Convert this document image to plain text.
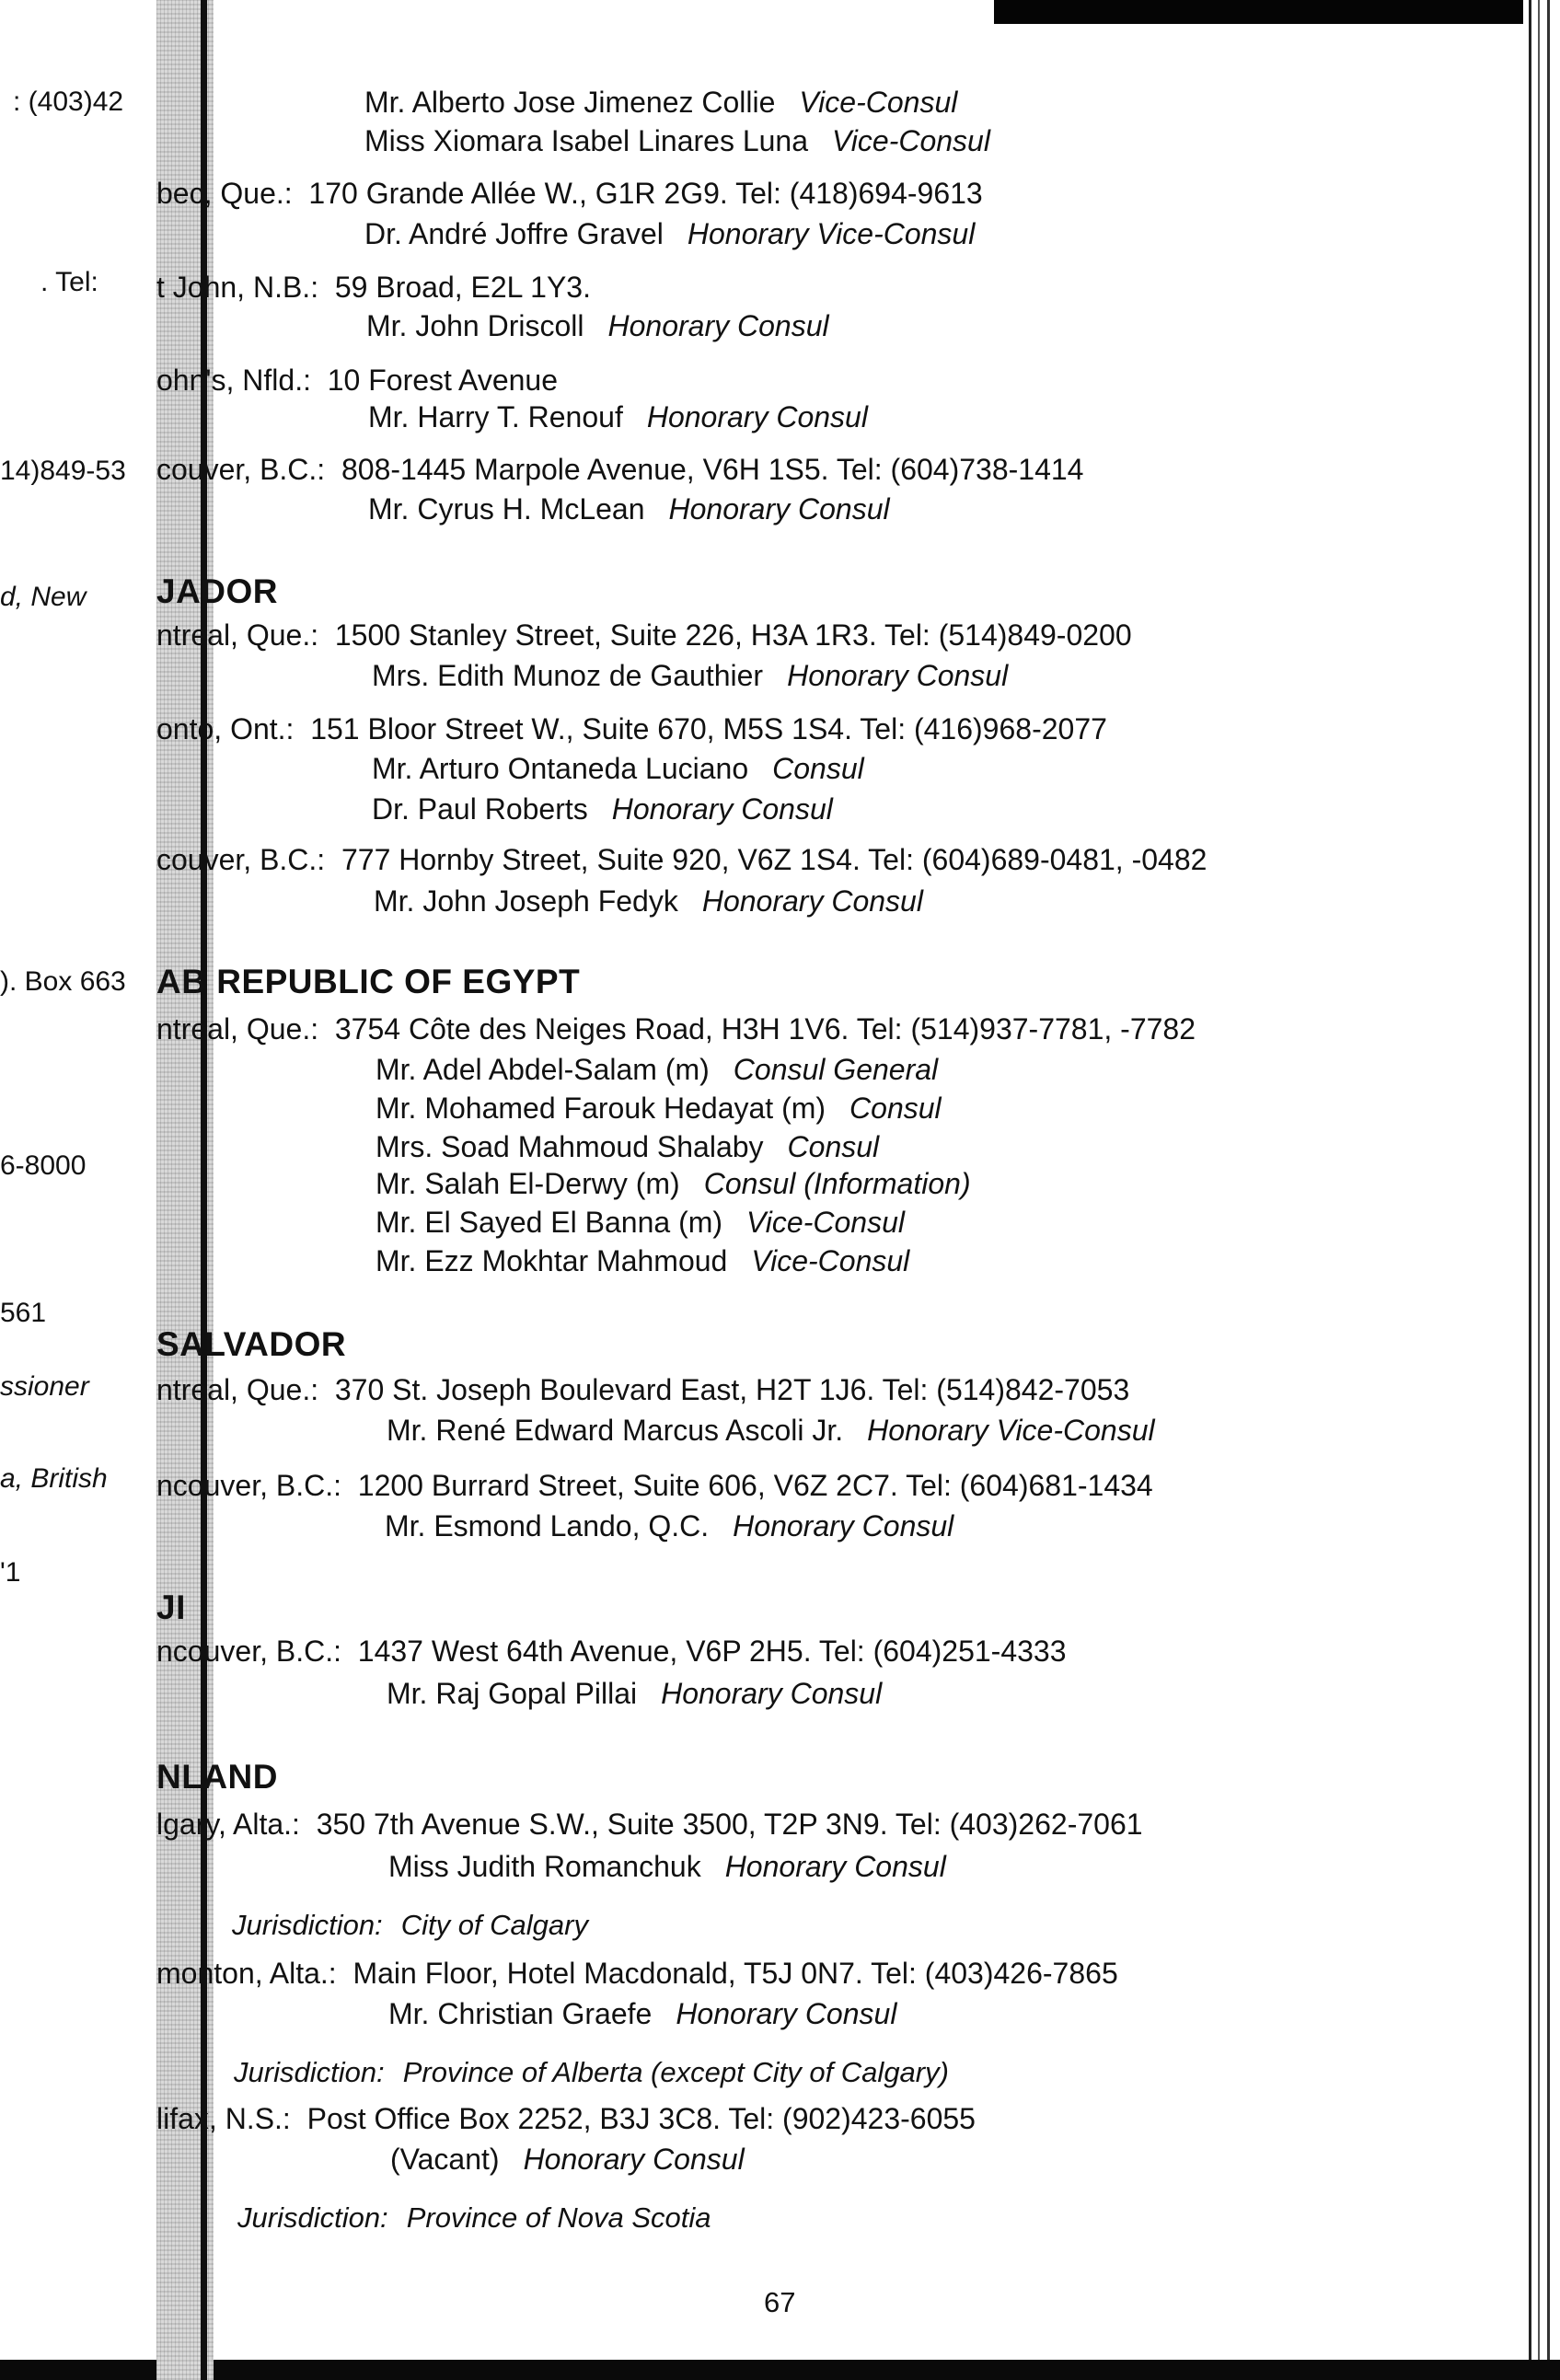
: (403)42
. Tel:
14)849-53
d, New
). Box 663
6-8000
561
ssioner
a, British
'1
Mr. Alberto Jose Jimenez Collie Vice-Consul
Miss Xiomara Isabel Linares Luna Vice-Consul
bec, Que.: 170 Grande Allée W., G1R 2G9. Tel: (418)694-9613
Dr. André Joffre Gravel Honorary Vice-Consul
t John, N.B.: 59 Broad, E2L 1Y3.
Mr. John Driscoll Honorary Consul
ohn's, Nfld.: 10 Forest Avenue
Mr. Harry T. Renouf Honorary Consul
couver, B.C.: 808-1445 Marpole Avenue, V6H 1S5. Tel: (604)738-1414
Mr. Cyrus H. McLean Honorary Consul
JADOR
ntreal, Que.: 1500 Stanley Street, Suite 226, H3A 1R3. Tel: (514)849-0200
Mrs. Edith Munoz de Gauthier Honorary Consul
onto, Ont.: 151 Bloor Street W., Suite 670, M5S 1S4. Tel: (416)968-2077
Mr. Arturo Ontaneda Luciano Consul
Dr. Paul Roberts Honorary Consul
couver, B.C.: 777 Hornby Street, Suite 920, V6Z 1S4. Tel: (604)689-0481, -0482
Mr. John Joseph Fedyk Honorary Consul
AB REPUBLIC OF EGYPT
ntreal, Que.: 3754 Côte des Neiges Road, H3H 1V6. Tel: (514)937-7781, -7782
Mr. Adel Abdel-Salam (m) Consul General
Mr. Mohamed Farouk Hedayat (m) Consul
Mrs. Soad Mahmoud Shalaby Consul
Mr. Salah El-Derwy (m) Consul (Information)
Mr. El Sayed El Banna (m) Vice-Consul
Mr. Ezz Mokhtar Mahmoud Vice-Consul
SALVADOR
ntreal, Que.: 370 St. Joseph Boulevard East, H2T 1J6. Tel: (514)842-7053
Mr. René Edward Marcus Ascoli Jr. Honorary Vice-Consul
ncouver, B.C.: 1200 Burrard Street, Suite 606, V6Z 2C7. Tel: (604)681-1434
Mr. Esmond Lando, Q.C. Honorary Consul
JI
ncouver, B.C.: 1437 West 64th Avenue, V6P 2H5. Tel: (604)251-4333
Mr. Raj Gopal Pillai Honorary Consul
NLAND
lgary, Alta.: 350 7th Avenue S.W., Suite 3500, T2P 3N9. Tel: (403)262-7061
Miss Judith Romanchuk Honorary Consul
Jurisdiction: City of Calgary
monton, Alta.: Main Floor, Hotel Macdonald, T5J 0N7. Tel: (403)426-7865
Mr. Christian Graefe Honorary Consul
Jurisdiction: Province of Alberta (except City of Calgary)
lifax, N.S.: Post Office Box 2252, B3J 3C8. Tel: (902)423-6055
(Vacant) Honorary Consul
Jurisdiction: Province of Nova Scotia
67
